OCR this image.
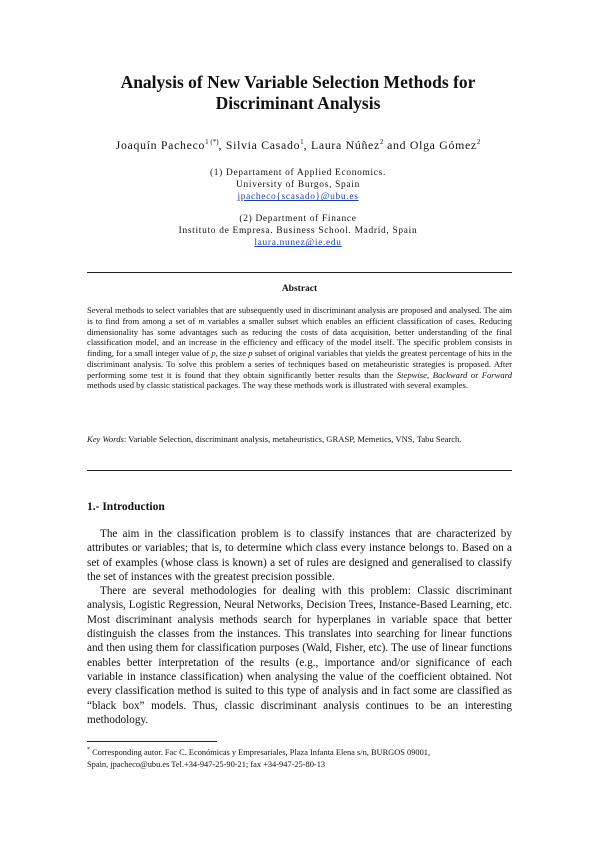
Analysis of New Variable Selection Methods for
Discriminant Analysis
Joaquín Pacheco$^{1 (*)}$, Silvia Casado$^1$, Laura Núñez$^2$ and Olga Gómez$^2$
(1) Departament of Applied Economics.
University of Burgos, Spain
jpacheco{scasado}@ubu.es
(2) Department of Finance
Instituto de Empresa. Business School. Madrid, Spain
laura.nunez@ie.edu
Abstract
Several methods to select variables that are subsequently used in discriminant analysis are proposed and analysed. The aim is to find from among a set of m variables a smaller subset which enables an efficient classification of cases. Reducing dimensionality has some advantages such as reducing the costs of data acquisition, better understanding of the final classification model, and an increase in the efficiency and efficacy of the model itself. The specific problem consists in finding, for a small integer value of p, the size p subset of original variables that yields the greatest percentage of hits in the discriminant analysis. To solve this problem a series of techniques based on metaheuristic strategies is proposed. After performing some test it is found that they obtain significantly better results than the Stepwise, Backward or Forward methods used by classic statistical packages. The way these methods work is illustrated with several examples.
Key Words: Variable Selection, discriminant analysis, metaheuristics, GRASP, Memetics, VNS, Tabu Search.
1.- Introduction

The aim in the classification problem is to classify instances that are characterized by attributes or variables; that is, to determine which class every instance belongs to. Based on a set of examples (whose class is known) a set of rules are designed and generalised to classify the set of instances with the greatest precision possible.

There are several methodologies for dealing with this problem: Classic discriminant analysis, Logistic Regression, Neural Networks, Decision Trees, Instance-Based Learning, etc. Most discriminant analysis methods search for hyperplanes in variable space that better distinguish the classes from the instances. This translates into searching for linear functions and then using them for classification purposes (Wald, Fisher, etc). The use of linear functions enables better interpretation of the results (e.g., importance and/or significance of each variable in instance classification) when analysing the value of the coefficient obtained. Not every classification method is suited to this type of analysis and in fact some are classified as “black box” models. Thus, classic discriminant analysis continues to be an interesting methodology.

* Corresponding autor. Fac C. Económicas y Empresariales, Plaza Infanta Elena s/n, BURGOS 09001,
Spain, jpacheco@ubu.es Tel.+34-947-25-90-21; fax +34-947-25-80-13
